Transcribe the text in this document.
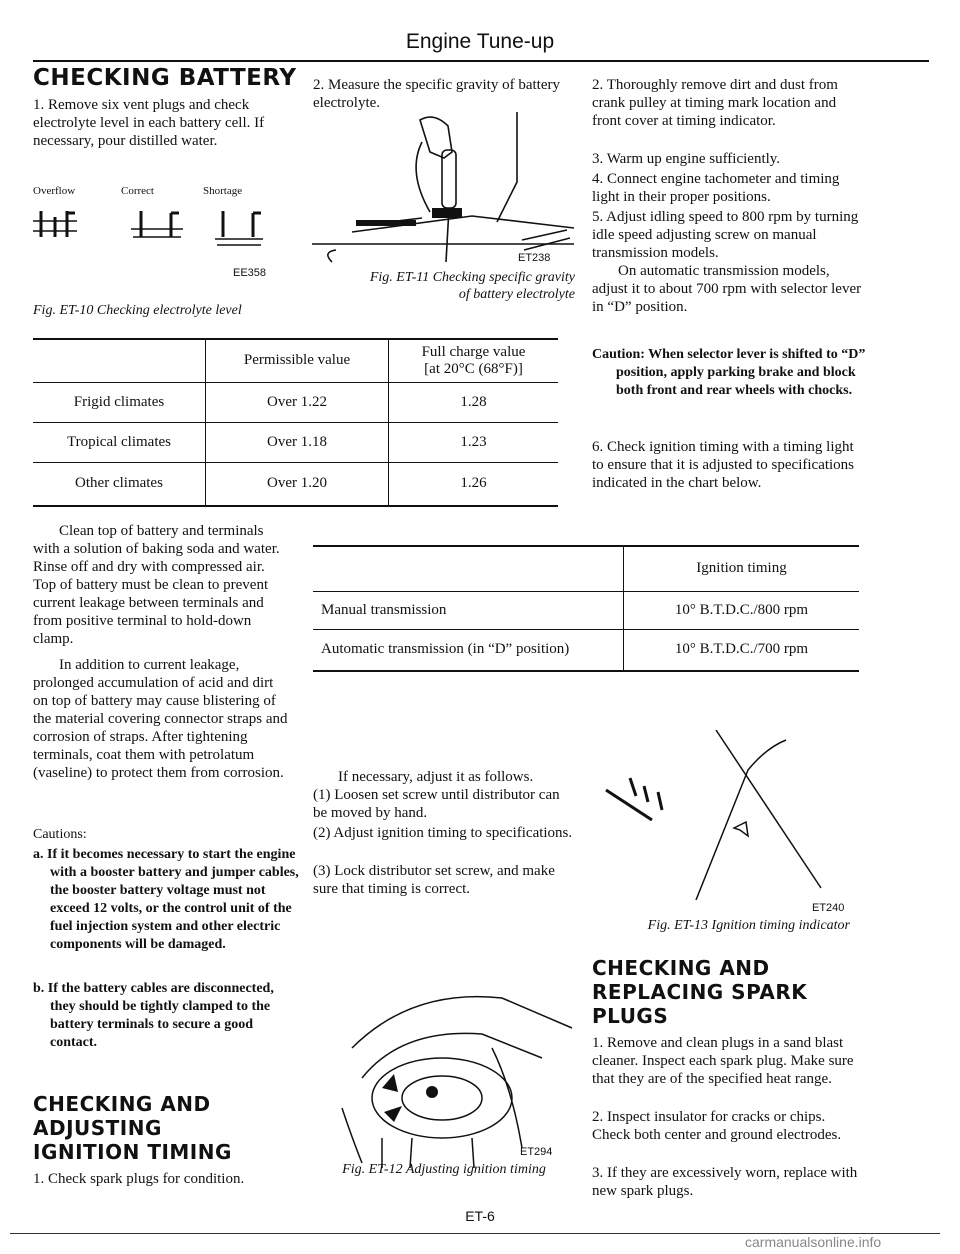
Engine Tune-up
CHECKING BATTERY
1. Remove six vent plugs and check electrolyte level in each battery cell. If necessary, pour distilled water.
Overflow	Correct	Shortage
EE358
Fig. ET-10 Checking electrolyte level
	Permissible value	Full charge value
[at 20°C (68°F)]

Frigid climates	Over 1.22	1.28
Tropical climates	Over 1.18	1.23
Other climates	Over 1.20	1.26
Clean top of battery and terminals with a solution of baking soda and water. Rinse off and dry with compressed air. Top of battery must be clean to prevent current leakage between terminals and from positive terminal to hold-down clamp.
In addition to current leakage, prolonged accumulation of acid and dirt on top of battery may cause blistering of the material covering connector straps and corrosion of straps. After tightening terminals, coat them with petrolatum (vaseline) to protect them from corrosion.
Cautions:
a. If it becomes necessary to start the engine with a booster battery and jumper cables, the booster battery voltage must not exceed 12 volts, or the control unit of the fuel injection system and other electric components will be damaged.
b. If the battery cables are disconnected, they should be tightly clamped to the battery terminals to secure a good contact.
CHECKING AND
ADJUSTING
IGNITION TIMING
1. Check spark plugs for condition.
2. Measure the specific gravity of battery electrolyte.
ET238
Fig. ET-11 Checking specific gravity
of battery electrolyte
	Ignition timing
Manual transmission	10° B.T.D.C./800 rpm
Automatic transmission (in “D” position)	10° B.T.D.C./700 rpm
If necessary, adjust it as follows.
(1) Loosen set screw until distributor can be moved by hand.
(2) Adjust ignition timing to specifications.
(3) Lock distributor set screw, and make sure that timing is correct.
ET294
Fig. ET-12 Adjusting ignition timing
2. Thoroughly remove dirt and dust from crank pulley at timing mark location and front cover at timing indicator.
3. Warm up engine sufficiently.
4. Connect engine tachometer and timing light in their proper positions.
5. Adjust idling speed to 800 rpm by turning idle speed adjusting screw on manual transmission models.
On automatic transmission models, adjust it to about 700 rpm with selector lever in “D” position.
Caution: When selector lever is shifted to “D” position, apply parking brake and block both front and rear wheels with chocks.
6. Check ignition timing with a timing light to ensure that it is adjusted to specifications indicated in the chart below.
ET240
Fig. ET-13 Ignition timing indicator
CHECKING AND
REPLACING SPARK
PLUGS
1. Remove and clean plugs in a sand blast cleaner. Inspect each spark plug. Make sure that they are of the specified heat range.
2. Inspect insulator for cracks or chips. Check both center and ground electrodes.
3. If they are excessively worn, replace with new spark plugs.
ET-6
carmanualsonline.info
